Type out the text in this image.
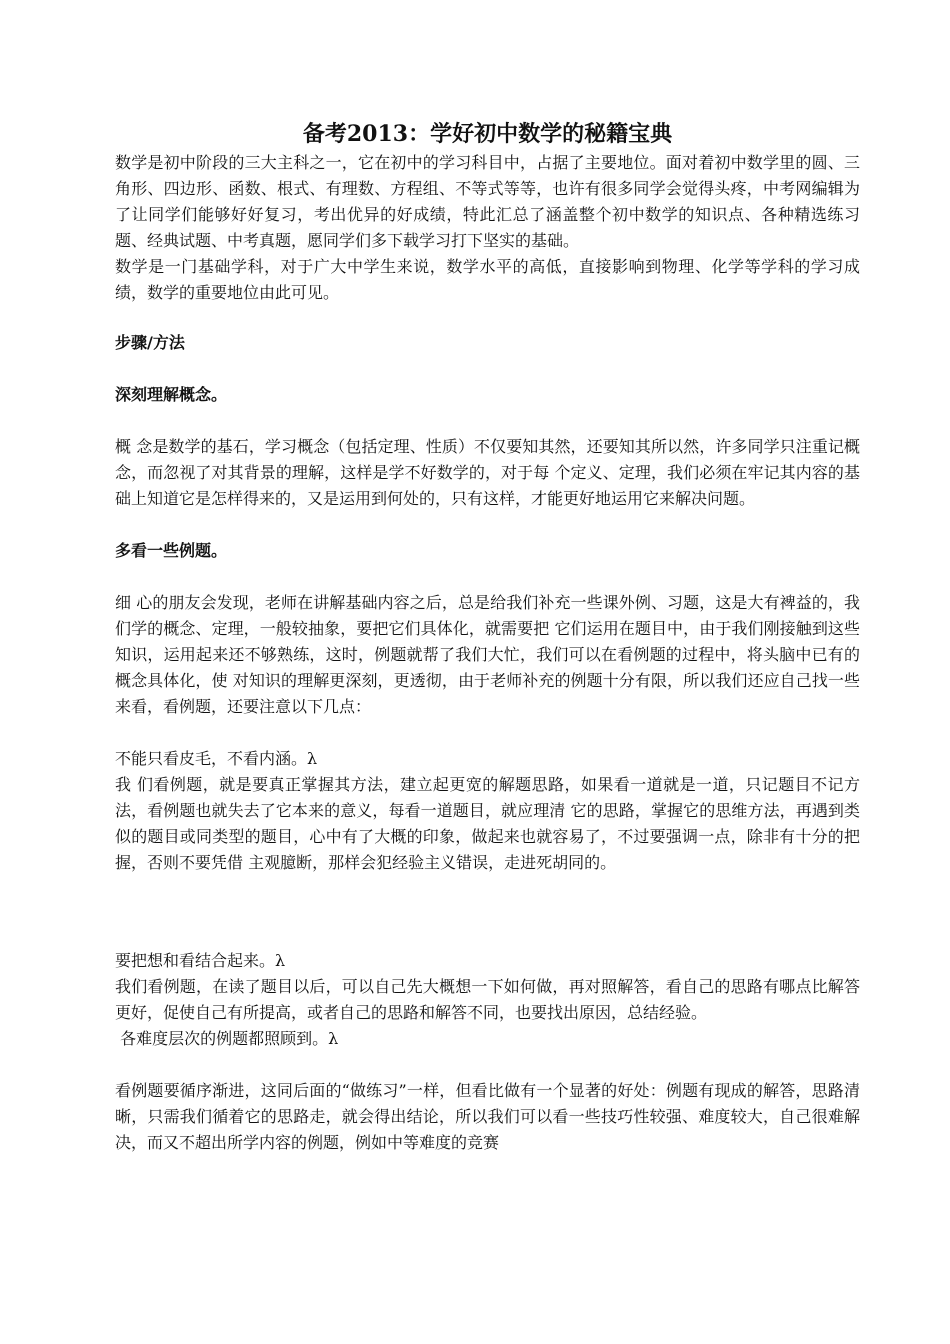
备考2013：学好初中数学的秘籍宝典

数学是初中阶段的三大主科之一，它在初中的学习科目中，占据了主要地位。面对着初中数学里的圆、三角形、四边形、函数、根式、有理数、方程组、不等式等等，也许有很多同学会觉得头疼，中考网编辑为了让同学们能够好好复习，考出优异的好成绩，特此汇总了涵盖整个初中数学的知识点、各种精选练习题、经典试题、中考真题，愿同学们多下载学习打下坚实的基础。

数学是一门基础学科，对于广大中学生来说，数学水平的高低，直接影响到物理、化学等学科的学习成绩，数学的重要地位由此可见。

步骤/方法

深刻理解概念。

概 念是数学的基石，学习概念（包括定理、性质）不仅要知其然，还要知其所以然，许多同学只注重记概念，而忽视了对其背景的理解，这样是学不好数学的，对于每 个定义、定理，我们必须在牢记其内容的基础上知道它是怎样得来的，又是运用到何处的，只有这样，才能更好地运用它来解决问题。

多看一些例题。

细 心的朋友会发现，老师在讲解基础内容之后，总是给我们补充一些课外例、习题，这是大有裨益的，我们学的概念、定理，一般较抽象，要把它们具体化，就需要把 它们运用在题目中，由于我们刚接触到这些知识，运用起来还不够熟练，这时，例题就帮了我们大忙，我们可以在看例题的过程中，将头脑中已有的概念具体化，使 对知识的理解更深刻，更透彻，由于老师补充的例题十分有限，所以我们还应自己找一些来看，看例题，还要注意以下几点：

不能只看皮毛，不看内涵。λ

我 们看例题，就是要真正掌握其方法，建立起更宽的解题思路，如果看一道就是一道，只记题目不记方法，看例题也就失去了它本来的意义，每看一道题目，就应理清 它的思路，掌握它的思维方法，再遇到类似的题目或同类型的题目，心中有了大概的印象，做起来也就容易了，不过要强调一点，除非有十分的把握，否则不要凭借 主观臆断，那样会犯经验主义错误，走进死胡同的。

要把想和看结合起来。λ

我们看例题，在读了题目以后，可以自己先大概想一下如何做，再对照解答，看自己的思路有哪点比解答更好，促使自己有所提高，或者自己的思路和解答不同，也要找出原因，总结经验。

各难度层次的例题都照顾到。λ

看例题要循序渐进，这同后面的“做练习”一样，但看比做有一个显著的好处：例题有现成的解答，思路清晰，只需我们循着它的思路走，就会得出结论，所以我们可以看一些技巧性较强、难度较大，自己很难解决，而又不超出所学内容的例题，例如中等难度的竞赛
